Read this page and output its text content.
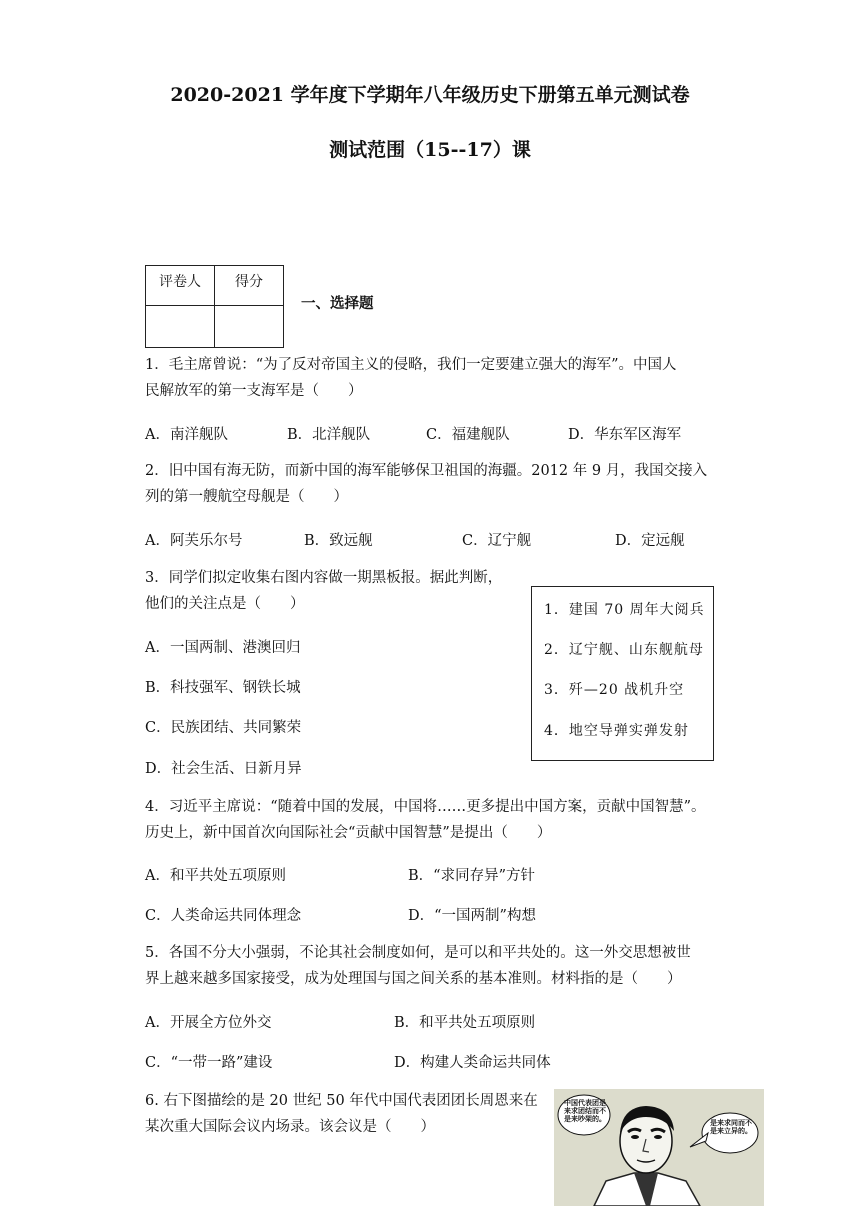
2020-2021 学年度下学期年八年级历史下册第五单元测试卷
测试范围（15--17）课
评卷人	得分

一、选择题
1．毛主席曾说：“为了反对帝国主义的侵略，我们一定要建立强大的海军”。中国人
民解放军的第一支海军是（　　）
A．南洋舰队	B．北洋舰队	C．福建舰队	D．华东军区海军
2．旧中国有海无防，而新中国的海军能够保卫祖国的海疆。2012 年 9 月，我国交接入
列的第一艘航空母舰是（　　）
A．阿芙乐尔号	B．致远舰	C．辽宁舰	D．定远舰
3．同学们拟定收集右图内容做一期黑板报。据此判断，
他们的关注点是（　　）
A．一国两制、港澳回归
B．科技强军、钢铁长城
C．民族团结、共同繁荣
D．社会生活、日新月异
1．建国 70 周年大阅兵
2．辽宁舰、山东舰航母
3．歼—20 战机升空
4．地空导弹实弹发射
4．习近平主席说：“随着中国的发展，中国将……更多提出中国方案，贡献中国智慧”。
历史上，新中国首次向国际社会“贡献中国智慧”是提出（　　）
A．和平共处五项原则	B．“求同存异”方针
C．人类命运共同体理念	D．“一国两制”构想
5．各国不分大小强弱，不论其社会制度如何，是可以和平共处的。这一外交思想被世
界上越来越多国家接受，成为处理国与国之间关系的基本准则。材料指的是（　　）
A．开展全方位外交	B．和平共处五项原则
C．“一带一路”建设	D．构建人类命运共同体
6. 右下图描绘的是 20 世纪 50 年代中国代表团团长周恩来在
某次重大国际会议内场录。该会议是（　　）
中国代表团是来求团结而不是来吵架的。	是来求同而不是来立异的。
